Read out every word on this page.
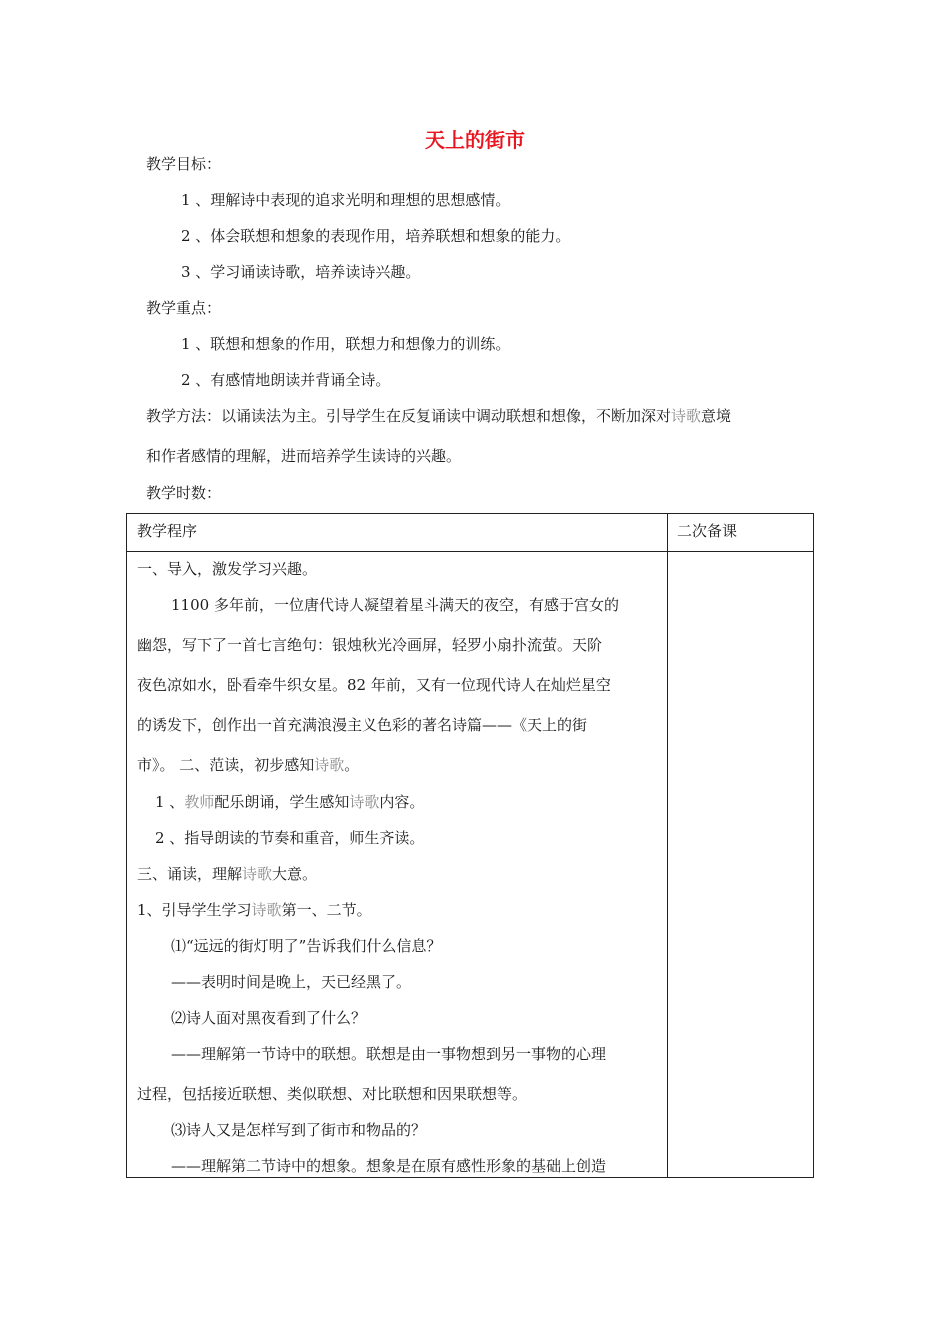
天上的街市
教学目标：
1 、理解诗中表现的追求光明和理想的思想感情。
2 、体会联想和想象的表现作用，培养联想和想象的能力。
3 、学习诵读诗歌，培养读诗兴趣。
教学重点：
1 、联想和想象的作用，联想力和想像力的训练。
2 、有感情地朗读并背诵全诗。
教学方法：以诵读法为主。引导学生在反复诵读中调动联想和想像，不断加深对诗歌意境
和作者感情的理解，进而培养学生读诗的兴趣。
教学时数：
教学程序	二次备课
一、导入，激发学习兴趣。
1100 多年前，一位唐代诗人凝望着星斗满天的夜空，有感于宫女的
幽怨，写下了一首七言绝句：银烛秋光冷画屏，轻罗小扇扑流萤。天阶
夜色凉如水，卧看牵牛织女星。82 年前，又有一位现代诗人在灿烂星空
的诱发下，创作出一首充满浪漫主义色彩的著名诗篇——《天上的街
市》。 二、范读，初步感知诗歌。
1 、教师配乐朗诵，学生感知诗歌内容。
2 、指导朗读的节奏和重音，师生齐读。
三、诵读，理解诗歌大意。
1、引导学生学习诗歌第一、二节。
⑴“远远的街灯明了”告诉我们什么信息？
——表明时间是晚上，天已经黑了。
⑵诗人面对黑夜看到了什么？
——理解第一节诗中的联想。联想是由一事物想到另一事物的心理
过程，包括接近联想、类似联想、对比联想和因果联想等。
⑶诗人又是怎样写到了街市和物品的？
——理解第二节诗中的想象。想象是在原有感性形象的基础上创造
